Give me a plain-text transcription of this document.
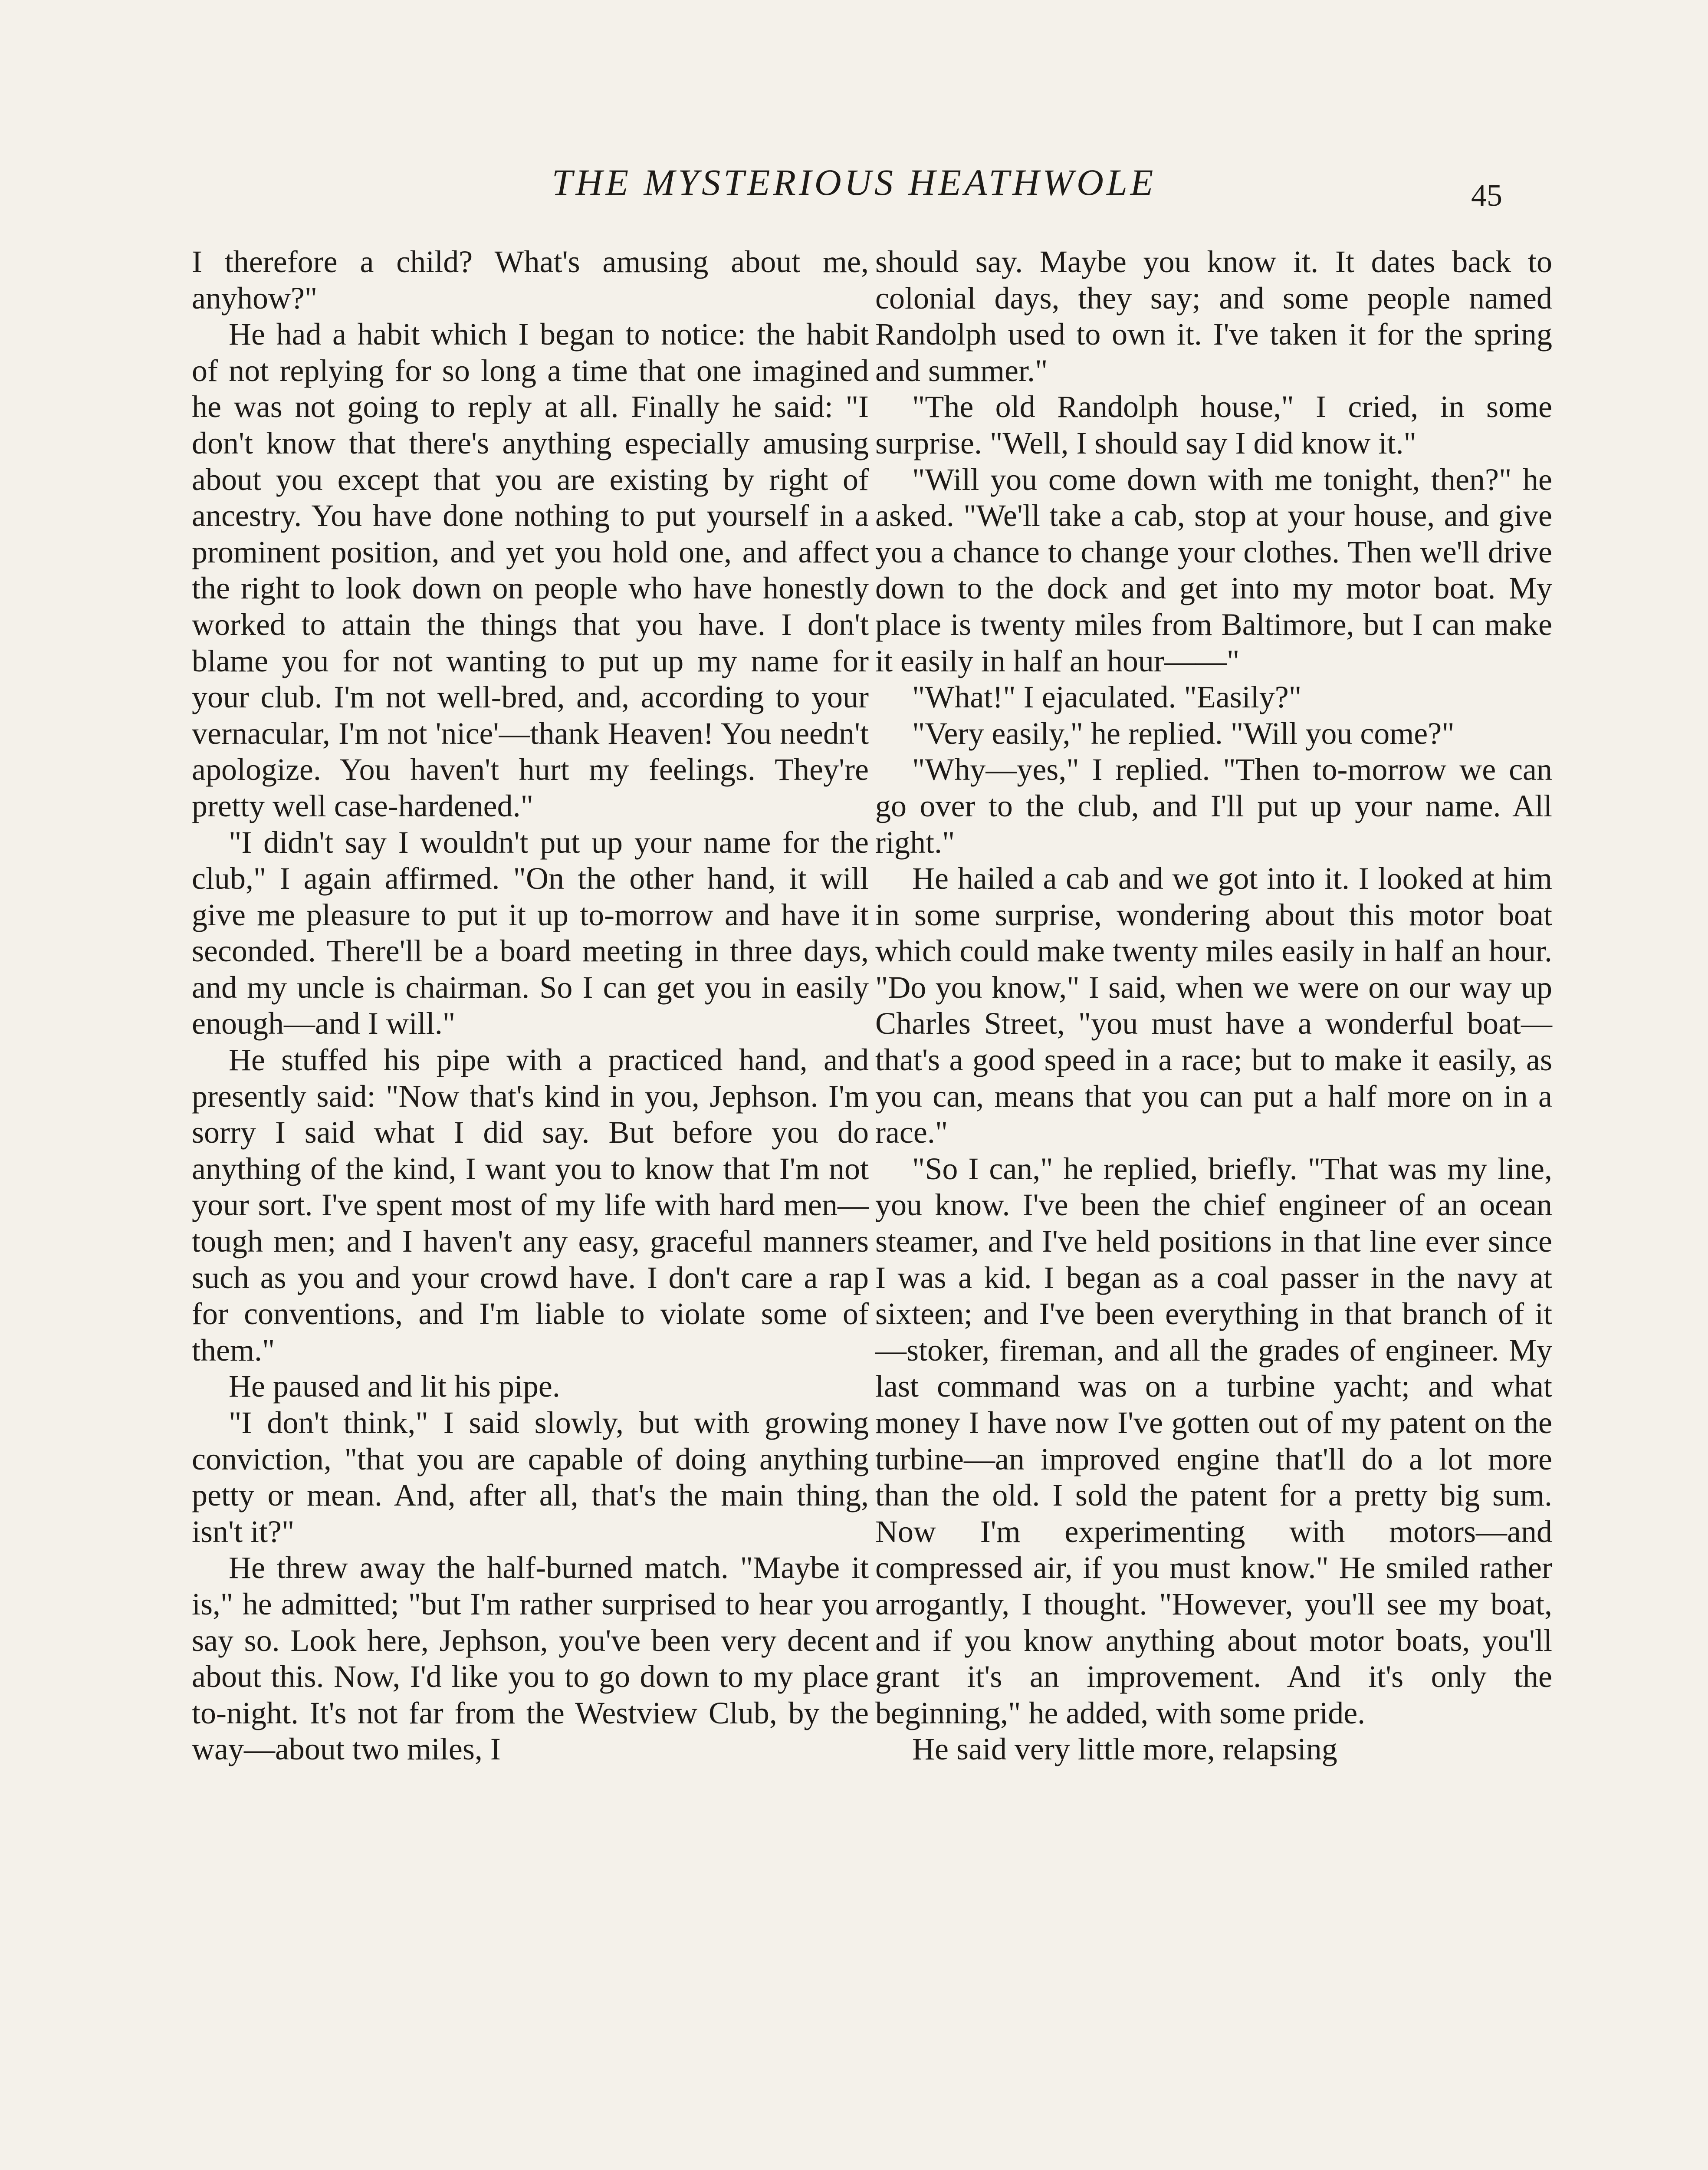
THE MYSTERIOUS HEATHWOLE	45

I therefore a child? What's amusing about me, anyhow?"

He had a habit which I began to notice: the habit of not replying for so long a time that one imagined he was not going to reply at all. Finally he said: "I don't know that there's anything especially amusing about you except that you are existing by right of ancestry. You have done nothing to put yourself in a prominent position, and yet you hold one, and affect the right to look down on people who have honestly worked to attain the things that you have. I don't blame you for not wanting to put up my name for your club. I'm not well-bred, and, according to your vernacular, I'm not 'nice'—thank Heaven! You needn't apologize. You haven't hurt my feelings. They're pretty well case-hardened."

"I didn't say I wouldn't put up your name for the club," I again affirmed. "On the other hand, it will give me pleasure to put it up to-morrow and have it seconded. There'll be a board meeting in three days, and my uncle is chairman. So I can get you in easily enough—and I will."

He stuffed his pipe with a practiced hand, and presently said: "Now that's kind in you, Jephson. I'm sorry I said what I did say. But before you do anything of the kind, I want you to know that I'm not your sort. I've spent most of my life with hard men—tough men; and I haven't any easy, graceful manners such as you and your crowd have. I don't care a rap for conventions, and I'm liable to violate some of them."

He paused and lit his pipe.

"I don't think," I said slowly, but with growing conviction, "that you are capable of doing anything petty or mean. And, after all, that's the main thing, isn't it?"

He threw away the half-burned match. "Maybe it is," he admitted; "but I'm rather surprised to hear you say so. Look here, Jephson, you've been very decent about this. Now, I'd like you to go down to my place to-night. It's not far from the Westview Club, by the way—about two miles, I

should say. Maybe you know it. It dates back to colonial days, they say; and some people named Randolph used to own it. I've taken it for the spring and summer."

"The old Randolph house," I cried, in some surprise. "Well, I should say I did know it."

"Will you come down with me tonight, then?" he asked. "We'll take a cab, stop at your house, and give you a chance to change your clothes. Then we'll drive down to the dock and get into my motor boat. My place is twenty miles from Baltimore, but I can make it easily in half an hour——"

"What!" I ejaculated. "Easily?"

"Very easily," he replied. "Will you come?"

"Why—yes," I replied. "Then to-morrow we can go over to the club, and I'll put up your name. All right."

He hailed a cab and we got into it. I looked at him in some surprise, wondering about this motor boat which could make twenty miles easily in half an hour. "Do you know," I said, when we were on our way up Charles Street, "you must have a wonderful boat—that's a good speed in a race; but to make it easily, as you can, means that you can put a half more on in a race."

"So I can," he replied, briefly. "That was my line, you know. I've been the chief engineer of an ocean steamer, and I've held positions in that line ever since I was a kid. I began as a coal passer in the navy at sixteen; and I've been everything in that branch of it—stoker, fireman, and all the grades of engineer. My last command was on a turbine yacht; and what money I have now I've gotten out of my patent on the turbine—an improved engine that'll do a lot more than the old. I sold the patent for a pretty big sum. Now I'm experimenting with motors—and compressed air, if you must know." He smiled rather arrogantly, I thought. "However, you'll see my boat, and if you know anything about motor boats, you'll grant it's an improvement. And it's only the beginning," he added, with some pride.

He said very little more, relapsing
